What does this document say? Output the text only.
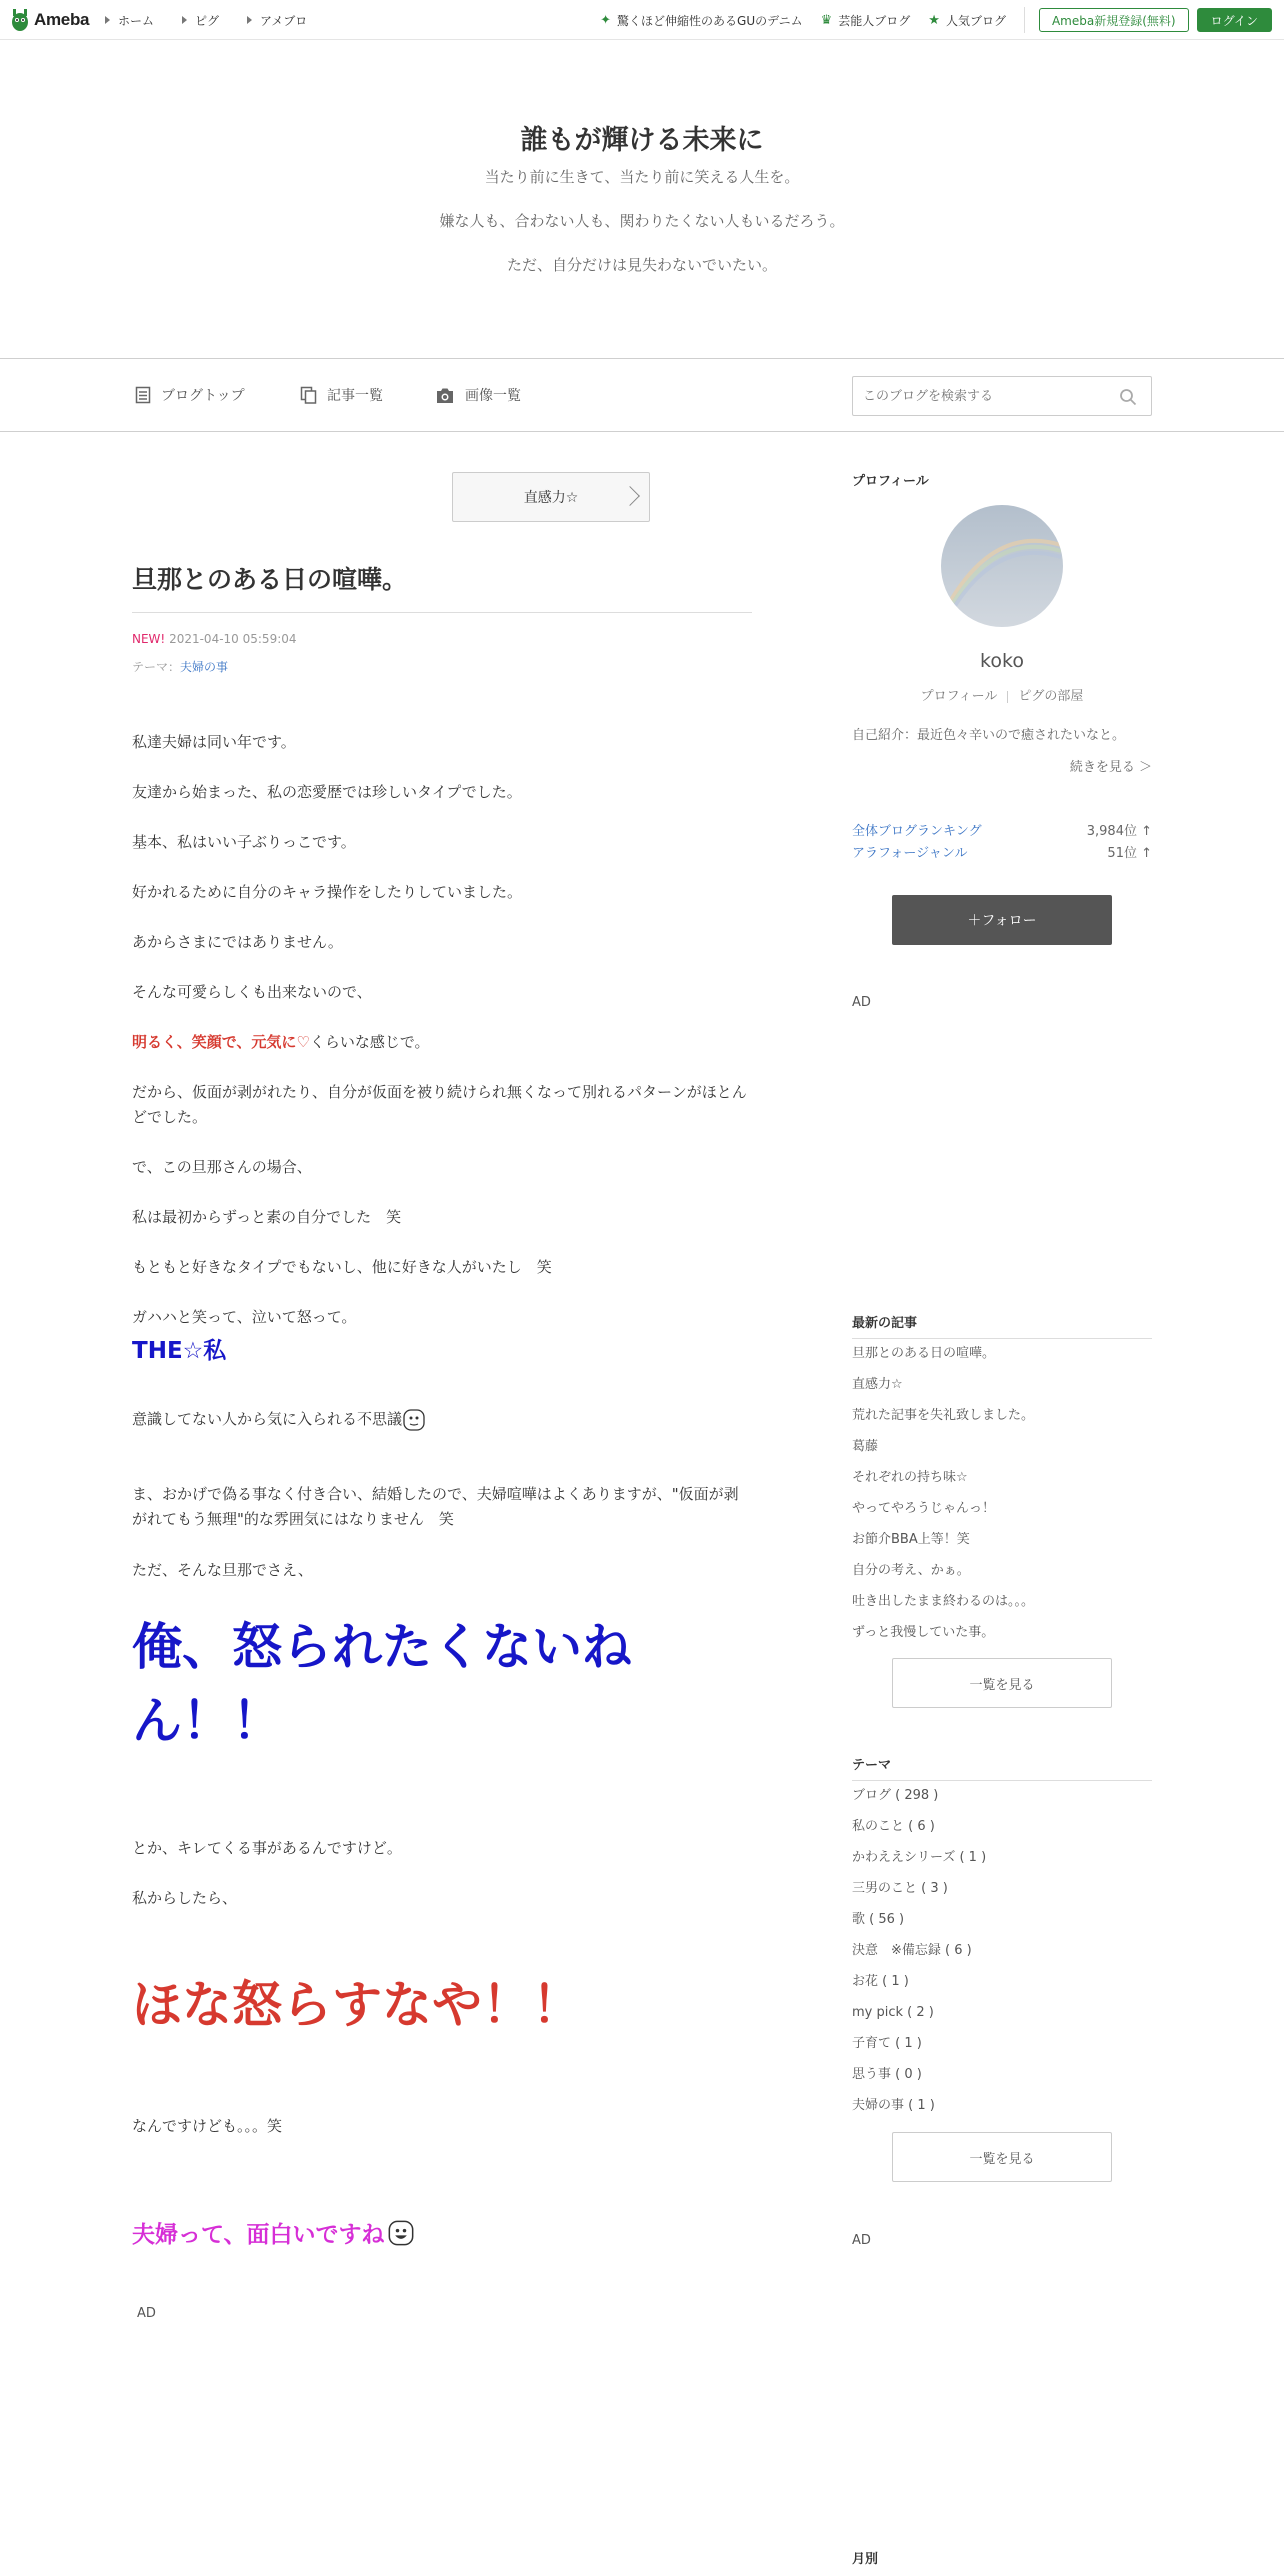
Ameba ホーム	ピグ	アメブロ	✦ 驚くほど伸縮性のあるGUのデニム ♛ 芸能人ブログ ★ 人気ブログ	Ameba新規登録(無料)	ログイン
誰もが輝ける未来に
当たり前に生きて、当たり前に笑える人生を。
嫌な人も、合わない人も、関わりたくない人もいるだろう。
ただ、自分だけは見失わないでいたい。
ブログトップ	記事一覧	画像一覧
このブログを検索する
直感力☆
旦那とのある日の喧嘩。
NEW! 2021-04-10 05:59:04
テーマ：夫婦の事
私達夫婦は同い年です。
友達から始まった、私の恋愛歴では珍しいタイプでした。
基本、私はいい子ぶりっこです。
好かれるために自分のキャラ操作をしたりしていました。
あからさまにではありません。
そんな可愛らしくも出来ないので、
明るく、笑顔で、元気に♡くらいな感じで。
だから、仮面が剥がれたり、自分が仮面を被り続けられ無くなって別れるパターンがほとんどでした。
で、この旦那さんの場合、
私は最初からずっと素の自分でした　笑
もともと好きなタイプでもないし、他に好きな人がいたし　笑
ガハハと笑って、泣いて怒って。
THE☆私
意識してない人から気に入られる不思議
ま、おかげで偽る事なく付き合い、結婚したので、夫婦喧嘩はよくありますが、"仮面が剥がれてもう無理"的な雰囲気にはなりません　笑
ただ、そんな旦那でさえ、
俺、怒られたくないねん！！
とか、キレてくる事があるんですけど。
私からしたら、
ほな怒らすなや！！
なんですけども。。。笑
夫婦って、面白いですね
AD
プロフィール
koko
プロフィール ピグの部屋
自己紹介：最近色々辛いので癒されたいなと。
続きを見る ＞
全体ブログランキング	3,984位 ↑
アラフォージャンル	51位 ↑
＋フォロー
AD
最新の記事
旦那とのある日の喧嘩。
直感力☆
荒れた記事を失礼致しました。
葛藤
それぞれの持ち味☆
やってやろうじゃんっ！
お節介BBA上等！笑
自分の考え、かぁ。
吐き出したまま終わるのは。。。
ずっと我慢していた事。
一覧を見る
テーマ
ブログ ( 298 )
私のこと ( 6 )
かわええシリーズ ( 1 )
三男のこと ( 3 )
歌 ( 56 )
決意　※備忘録 ( 6 )
お花 ( 1 )
my pick ( 2 )
子育て ( 1 )
思う事 ( 0 )
夫婦の事 ( 1 )
一覧を見る
AD
月別
